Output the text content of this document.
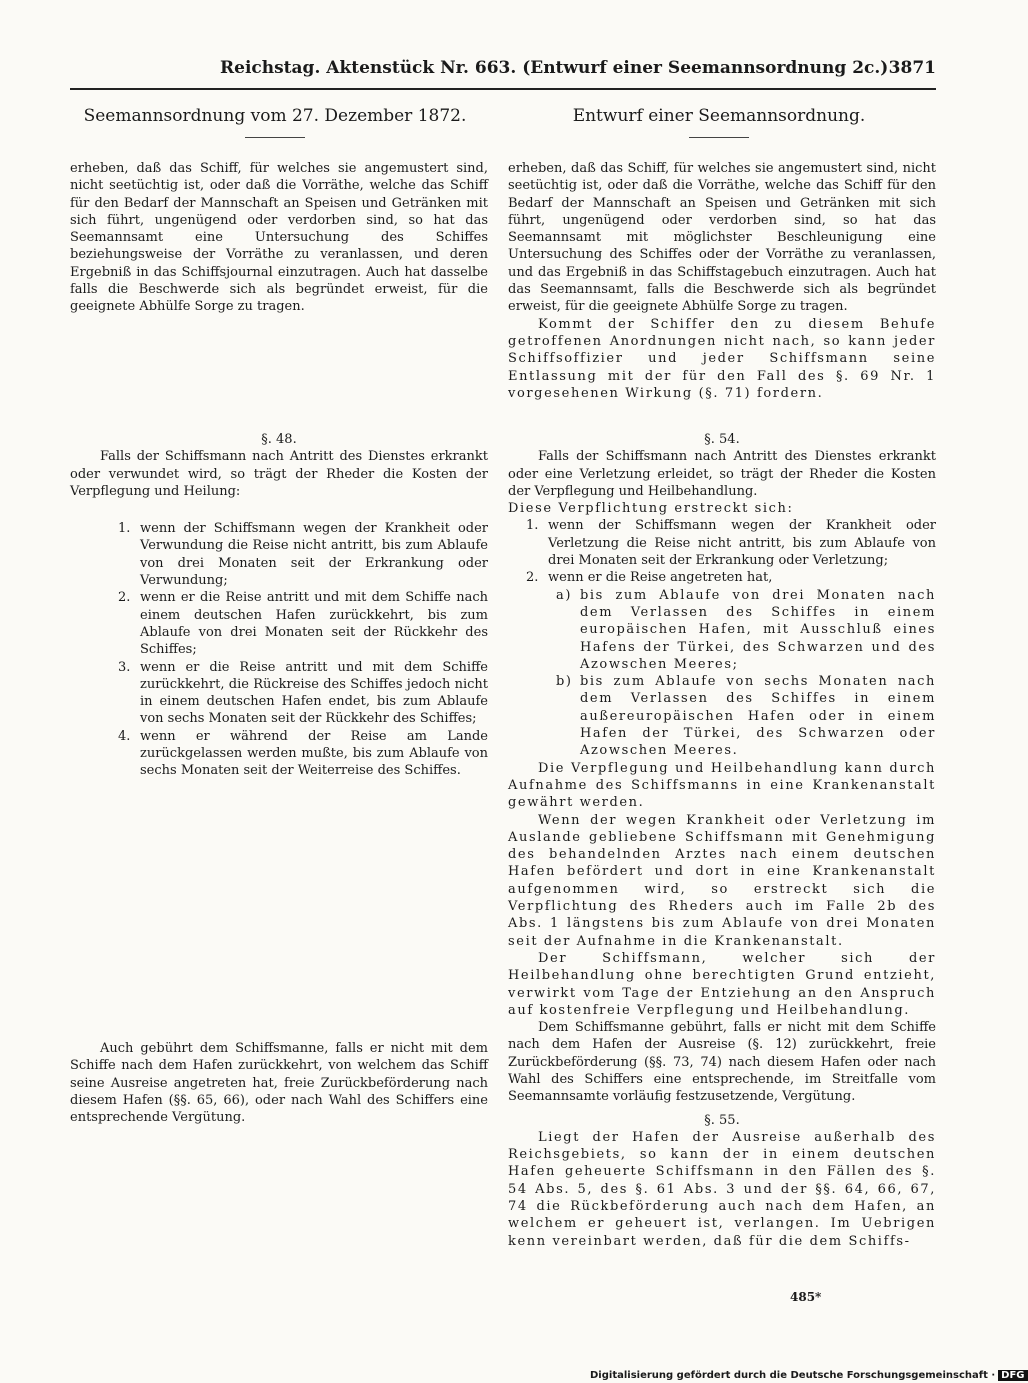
Reichstag. Aktenstück Nr. 663. (Entwurf einer Seemannsordnung 2c.) 3871
Seemannsordnung vom 27. Dezember 1872.	Entwurf einer Seemannsordnung.

erheben, daß das Schiff, für welches sie angemustert sind, nicht seetüchtig ist, oder daß die Vorräthe, welche das Schiff für den Bedarf der Mannschaft an Speisen und Getränken mit sich führt, ungenügend oder verdorben sind, so hat das Seemannsamt eine Untersuchung des Schiffes beziehungsweise der Vorräthe zu veranlassen, und deren Ergebniß in das Schiffsjournal einzutragen. Auch hat dasselbe falls die Beschwerde sich als begründet erweist, für die geeignete Abhülfe Sorge zu tragen.

§. 48.

Falls der Schiffsmann nach Antritt des Dienstes erkrankt oder verwundet wird, so trägt der Rheder die Kosten der Verpflegung und Heilung:

1. wenn der Schiffsmann wegen der Krankheit oder Verwundung die Reise nicht antritt, bis zum Ablaufe von drei Monaten seit der Erkrankung oder Verwundung;

2. wenn er die Reise antritt und mit dem Schiffe nach einem deutschen Hafen zurückkehrt, bis zum Ablaufe von drei Monaten seit der Rückkehr des Schiffes;

3. wenn er die Reise antritt und mit dem Schiffe zurückkehrt, die Rückreise des Schiffes jedoch nicht in einem deutschen Hafen endet, bis zum Ablaufe von sechs Monaten seit der Rückkehr des Schiffes;

4. wenn er während der Reise am Lande zurückgelassen werden mußte, bis zum Ablaufe von sechs Monaten seit der Weiterreise des Schiffes.

Auch gebührt dem Schiffsmanne, falls er nicht mit dem Schiffe nach dem Hafen zurückkehrt, von welchem das Schiff seine Ausreise angetreten hat, freie Zurückbeförderung nach diesem Hafen (§§. 65, 66), oder nach Wahl des Schiffers eine entsprechende Vergütung.

erheben, daß das Schiff, für welches sie angemustert sind, nicht seetüchtig ist, oder daß die Vorräthe, welche das Schiff für den Bedarf der Mannschaft an Speisen und Getränken mit sich führt, ungenügend oder verdorben sind, so hat das Seemannsamt mit möglichster Beschleunigung eine Untersuchung des Schiffes oder der Vorräthe zu veranlassen, und das Ergebniß in das Schiffstagebuch einzutragen. Auch hat das Seemannsamt, falls die Beschwerde sich als begründet erweist, für die geeignete Abhülfe Sorge zu tragen.

Kommt der Schiffer den zu diesem Behufe getroffenen Anordnungen nicht nach, so kann jeder Schiffsoffizier und jeder Schiffsmann seine Entlassung mit der für den Fall des §. 69 Nr. 1 vorgesehenen Wirkung (§. 71) fordern.

§. 54.

Falls der Schiffsmann nach Antritt des Dienstes erkrankt oder eine Verletzung erleidet, so trägt der Rheder die Kosten der Verpflegung und Heilbehandlung.

Diese Verpflichtung erstreckt sich:

1. wenn der Schiffsmann wegen der Krankheit oder Verletzung die Reise nicht antritt, bis zum Ablaufe von drei Monaten seit der Erkrankung oder Verletzung;

2. wenn er die Reise angetreten hat,

a) bis zum Ablaufe von drei Monaten nach dem Verlassen des Schiffes in einem europäischen Hafen, mit Ausschluß eines Hafens der Türkei, des Schwarzen und des Azowschen Meeres;

b) bis zum Ablaufe von sechs Monaten nach dem Verlassen des Schiffes in einem außereuropäischen Hafen oder in einem Hafen der Türkei, des Schwarzen oder Azowschen Meeres.

Die Verpflegung und Heilbehandlung kann durch Aufnahme des Schiffsmanns in eine Krankenanstalt gewährt werden.

Wenn der wegen Krankheit oder Verletzung im Auslande gebliebene Schiffsmann mit Genehmigung des behandelnden Arztes nach einem deutschen Hafen befördert und dort in eine Krankenanstalt aufgenommen wird, so erstreckt sich die Verpflichtung des Rheders auch im Falle 2b des Abs. 1 längstens bis zum Ablaufe von drei Monaten seit der Aufnahme in die Krankenanstalt.

Der Schiffsmann, welcher sich der Heilbehandlung ohne berechtigten Grund entzieht, verwirkt vom Tage der Entziehung an den Anspruch auf kostenfreie Verpflegung und Heilbehandlung.

Dem Schiffsmanne gebührt, falls er nicht mit dem Schiffe nach dem Hafen der Ausreise (§. 12) zurückkehrt, freie Zurückbeförderung (§§. 73, 74) nach diesem Hafen oder nach Wahl des Schiffers eine entsprechende, im Streitfalle vom Seemannsamte vorläufig festzusetzende, Vergütung.

§. 55.

Liegt der Hafen der Ausreise außerhalb des Reichsgebiets, so kann der in einem deutschen Hafen geheuerte Schiffsmann in den Fällen des §. 54 Abs. 5, des §. 61 Abs. 3 und der §§. 64, 66, 67, 74 die Rückbeförderung auch nach dem Hafen, an welchem er geheuert ist, verlangen. Im Uebrigen kenn vereinbart werden, daß für die dem Schiffs-

485*
Digitalisierung gefördert durch die Deutsche Forschungsgemeinschaft · DFG
